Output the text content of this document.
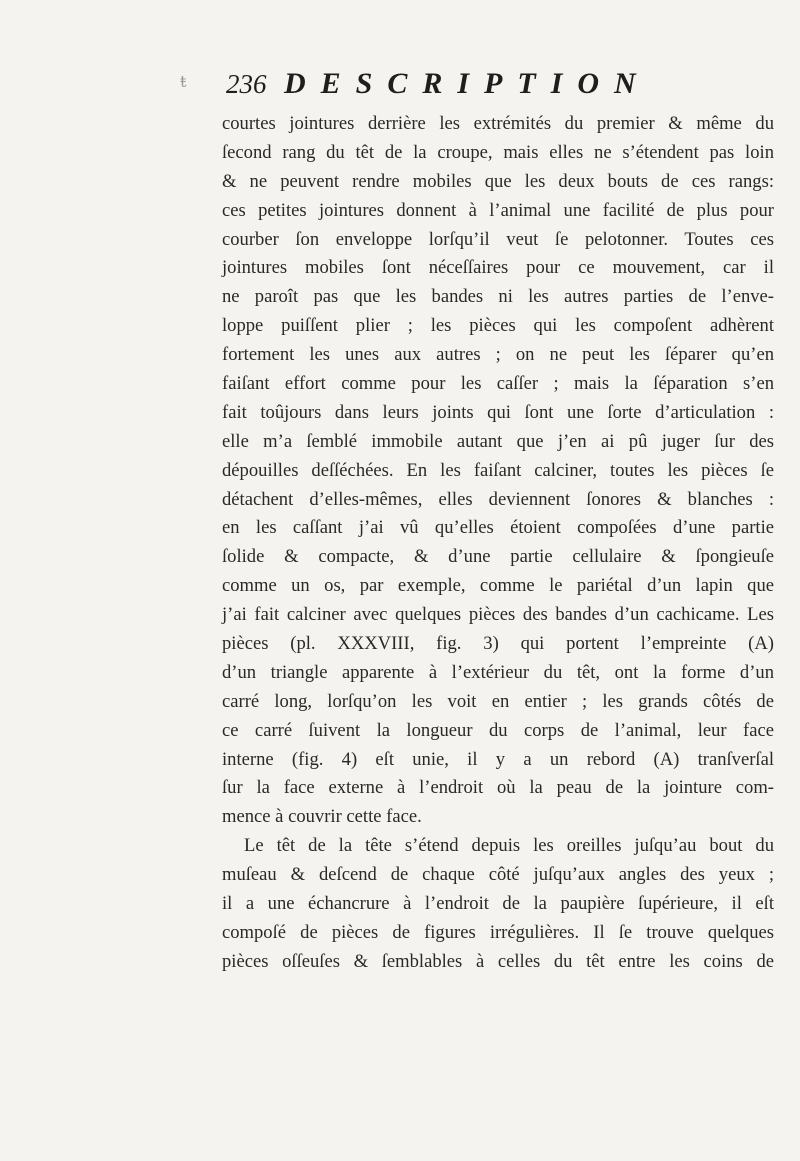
ŧ 236 DESCRIPTION
courtes jointures derrière les extrémités du premier & même du
ſecond rang du têt de la croupe, mais elles ne s’étendent pas loin
& ne peuvent rendre mobiles que les deux bouts de ces rangs:
ces petites jointures donnent à l’animal une facilité de plus pour
courber ſon enveloppe lorſqu’il veut ſe pelotonner. Toutes ces
jointures mobiles ſont néceſſaires pour ce mouvement, car il
ne paroît pas que les bandes ni les autres parties de l’enve-
loppe puiſſent plier ; les pièces qui les compoſent adhèrent
fortement les unes aux autres ; on ne peut les ſéparer qu’en
faiſant effort comme pour les caſſer ; mais la ſéparation s’en
fait toûjours dans leurs joints qui ſont une ſorte d’articulation :
elle m’a ſemblé immobile autant que j’en ai pû juger ſur des
dépouilles deſſéchées. En les faiſant calciner, toutes les pièces ſe
détachent d’elles-mêmes, elles deviennent ſonores & blanches :
en les caſſant j’ai vû qu’elles étoient compoſées d’une partie
ſolide & compacte, & d’une partie cellulaire & ſpongieuſe
comme un os, par exemple, comme le pariétal d’un lapin que
j’ai fait calciner avec quelques pièces des bandes d’un cachicame. Les
pièces (pl. XXXVIII, fig. 3) qui portent l’empreinte (A)
d’un triangle apparente à l’extérieur du têt, ont la forme d’un
carré long, lorſqu’on les voit en entier ; les grands côtés de
ce carré ſuivent la longueur du corps de l’animal, leur face
interne (fig. 4) eſt unie, il y a un rebord (A) tranſverſal
ſur la face externe à l’endroit où la peau de la jointure com-
mence à couvrir cette face.
Le têt de la tête s’étend depuis les oreilles juſqu’au bout du
muſeau & deſcend de chaque côté juſqu’aux angles des yeux ;
il a une échancrure à l’endroit de la paupière ſupérieure, il eſt
compoſé de pièces de figures irrégulières. Il ſe trouve quelques
pièces oſſeuſes & ſemblables à celles du têt entre les coins de
